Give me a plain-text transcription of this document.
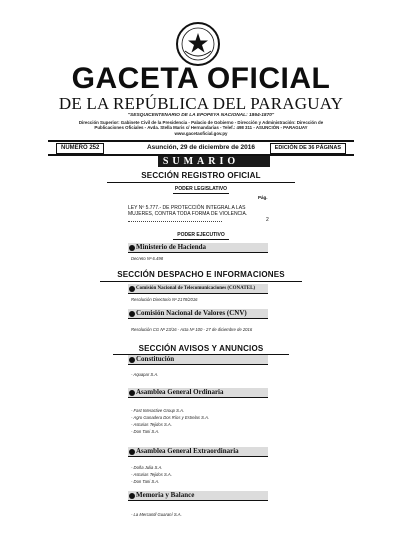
GACETA OFICIAL
DE LA REPÚBLICA DEL PARAGUAY
"SESQUICENTENARIO DE LA EPOPEYA NACIONAL: 1864-1870"
Dirección Superior: Gabinete Civil de la Presidencia - Palacio de Gobierno - Dirección y Administración: Dirección de
Publicaciones Oficiales - Avda. Stella Maris c/ Hernandarias - Telef.: 498 311 - ASUNCIÓN - PARAGUAY
www.gacetaoficial.gov.py
Asunción, 29 de diciembre de 2016
NÚMERO 252	EDICIÓN DE 36 PÁGINAS
SUMARIO
SECCIÓN REGISTRO OFICIAL
PODER LEGISLATIVO
Pág.
LEY Nº 5.777.- DE PROTECCIÓN INTEGRAL A LAS
MUJERES, CONTRA TODA FORMA DE VIOLENCIA.
2
PODER EJECUTIVO
Ministerio de Hacienda
Decreto Nº 6.498
SECCIÓN DESPACHO E INFORMACIONES
Comisión Nacional de Telecomunicaciones (CONATEL)
Resolución Directorio Nº 2178/2016
Comisión Nacional de Valores (CNV)
Resolución CG Nº 23/16 - Acta Nº 100 - 27 de diciembre de 2016
SECCIÓN AVISOS Y ANUNCIOS
Constitución
- Aquapar S.A.
Asamblea General Ordinaria
- Fast Interactive Group S.A.
- Agro Ganadera Dos Ríos y Estrelas S.A.
- Asturias Tejidos S.A.
- Don Tani S.A.
Asamblea General Extraordinaria
- Doña Julia S.A.
- Asturias Tejidos S.A.
- Don Tani S.A.
Memoria y Balance
- La Mercantil Guaraní S.A.
